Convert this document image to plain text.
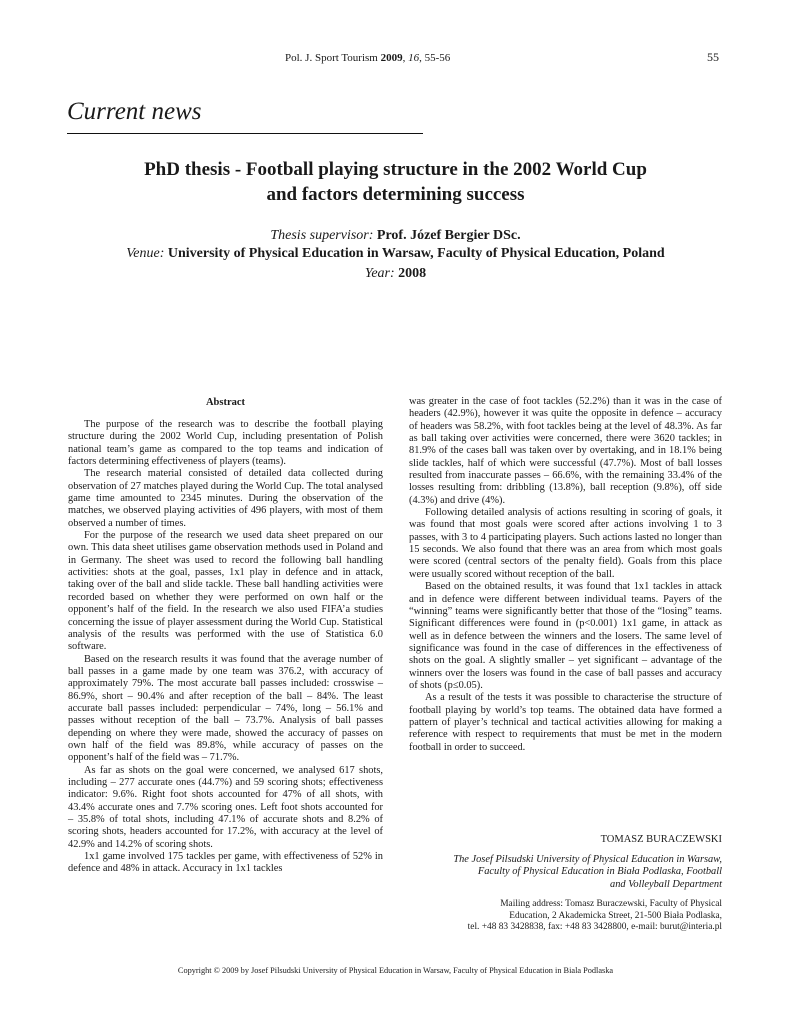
Pol. J. Sport Tourism 2009, 16, 55-56	55
Current news
PhD thesis - Football playing structure in the 2002 World Cup
and factors determining success
Thesis supervisor: Prof. Józef Bergier DSc.
Venue: University of Physical Education in Warsaw, Faculty of Physical Education, Poland
Year: 2008
Abstract

The purpose of the research was to describe the football playing structure during the 2002 World Cup, including presentation of Polish national team’s game as compared to the top teams and indication of factors determining effectiveness of players (teams).

The research material consisted of detailed data collected during observation of 27 matches played during the World Cup. The total analysed game time amounted to 2345 minutes. During the observation of the matches, we observed playing activities of 496 players, with most of them observed a number of times.

For the purpose of the research we used data sheet prepared on our own. This data sheet utilises game observation methods used in Poland and in Germany. The sheet was used to record the following ball handling activities: shots at the goal, passes, 1x1 play in defence and in attack, taking over of the ball and slide tackle. These ball handling activities were recorded based on whether they were performed on own half or the opponent’s half of the field. In the research we also used FIFA’a studies concerning the issue of player assessment during the World Cup. Statistical analysis of the results was performed with the use of Statistica 6.0 software.

Based on the research results it was found that the average number of ball passes in a game made by one team was 376.2, with accuracy of approximately 79%. The most accurate ball passes included: crosswise – 86.9%, short – 90.4% and after reception of the ball – 84%. The least accurate ball passes included: perpendicular – 74%, long – 56.1% and passes without reception of the ball – 73.7%. Analysis of ball passes depending on where they were made, showed the accuracy of passes on own half of the field was 89.8%, while accuracy of passes on the opponent’s half of the field was – 71.7%.

As far as shots on the goal were concerned, we analysed 617 shots, including – 277 accurate ones (44.7%) and 59 scoring shots; effectiveness indicator: 9.6%. Right foot shots accounted for 47% of all shots, with 43.4% accurate ones and 7.7% scoring ones. Left foot shots accounted for – 35.8% of total shots, including 47.1% of accurate shots and 8.2% of scoring shots, headers accounted for 17.2%, with accuracy at the level of 42.9% and 14.2% of scoring shots.

1x1 game involved 175 tackles per game, with effectiveness of 52% in defence and 48% in attack. Accuracy in 1x1 tackles

was greater in the case of foot tackles (52.2%) than it was in the case of headers (42.9%), however it was quite the opposite in defence – accuracy of headers was 58.2%, with foot tackles being at the level of 48.3%. As far as ball taking over activities were concerned, there were 3620 tackles; in 81.9% of the cases ball was taken over by overtaking, and in 18.1% being slide tackles, half of which were successful (47.7%). Most of ball losses resulted from inaccurate passes – 66.6%, with the remaining 33.4% of the losses resulting from: dribbling (13.8%), ball reception (9.8%), off side (4.3%) and drive (4%).

Following detailed analysis of actions resulting in scoring of goals, it was found that most goals were scored after actions involving 1 to 3 passes, with 3 to 4 participating players. Such actions lasted no longer than 15 seconds. We also found that there was an area from which most goals were scored (central sectors of the penalty field). Goals from this place were usually scored without reception of the ball.

Based on the obtained results, it was found that 1x1 tackles in attack and in defence were different between individual teams. Payers of the “winning” teams were significantly better that those of the “losing” teams. Significant differences were found in (p<0.001) 1x1 game, in attack as well as in defence between the winners and the losers. The same level of significance was found in the case of differences in the effectiveness of shots on the goal. A slightly smaller – yet significant – advantage of the winners over the losers was found in the case of ball passes and accuracy of shots (p≤0.05).

As a result of the tests it was possible to characterise the structure of football playing by world’s top teams. The obtained data have formed a pattern of player’s technical and tactical activities allowing for making a reference with respect to requirements that must be met in the modern football in order to succeed.

TOMASZ BURACZEWSKI
The Josef Pilsudski University of Physical Education in Warsaw,
Faculty of Physical Education in Biała Podlaska, Football
and Volleyball Department
Mailing address: Tomasz Buraczewski, Faculty of Physical
Education, 2 Akademicka Street, 21-500 Biała Podlaska,
tel. +48 83 3428838, fax: +48 83 3428800, e-mail: burut@interia.pl
Copyright © 2009 by Josef Pilsudski University of Physical Education in Warsaw, Faculty of Physical Education in Biala Podlaska
